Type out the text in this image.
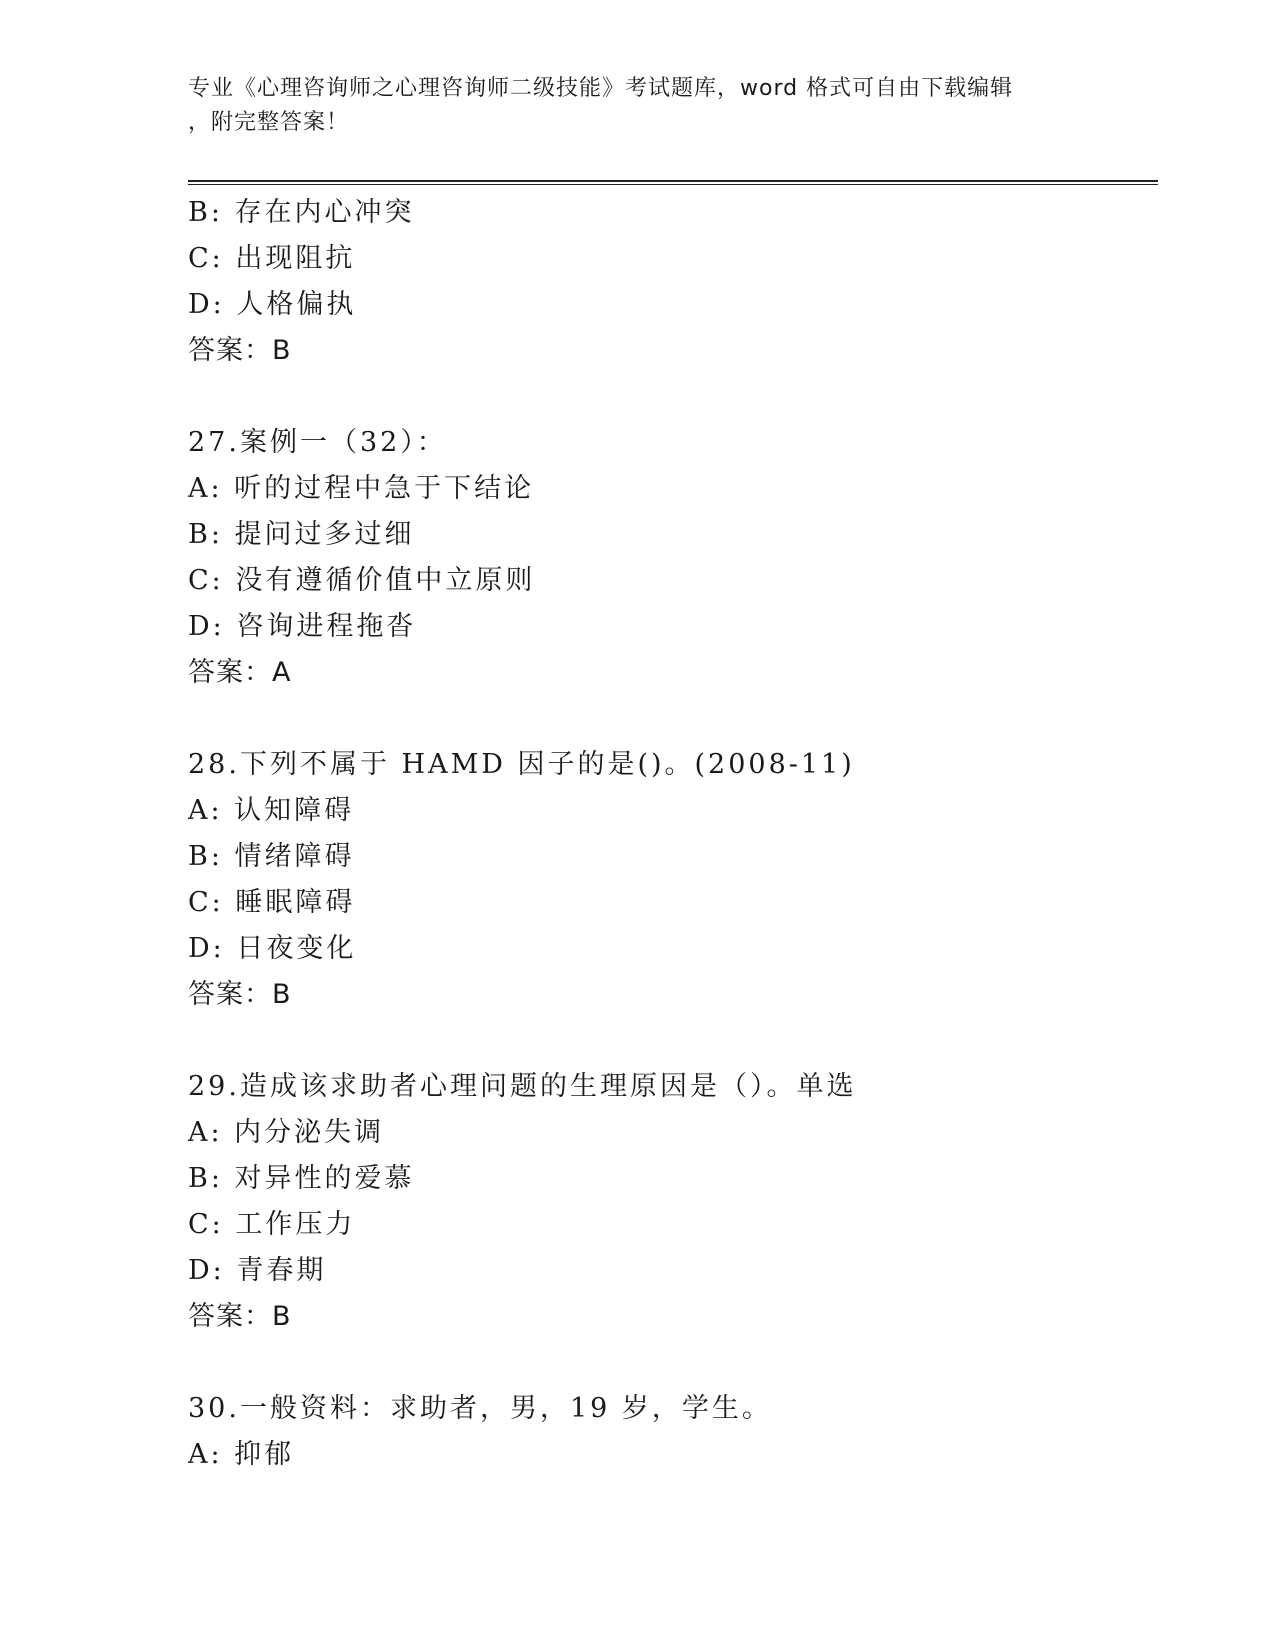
专业《心理咨询师之心理咨询师二级技能》考试题库，word 格式可自由下载编辑
，附完整答案！
B: 存在内心冲突
C: 出现阻抗
D: 人格偏执
答案：B
27.案例一（32）：
A: 听的过程中急于下结论
B: 提问过多过细
C: 没有遵循价值中立原则
D: 咨询进程拖沓
答案：A
28.下列不属于 HAMD 因子的是()。(2008-11)
A: 认知障碍
B: 情绪障碍
C: 睡眠障碍
D: 日夜变化
答案：B
29.造成该求助者心理问题的生理原因是（）。单选
A: 内分泌失调
B: 对异性的爱慕
C: 工作压力
D: 青春期
答案：B
30.一般资料：求助者，男，19 岁，学生。
A: 抑郁
